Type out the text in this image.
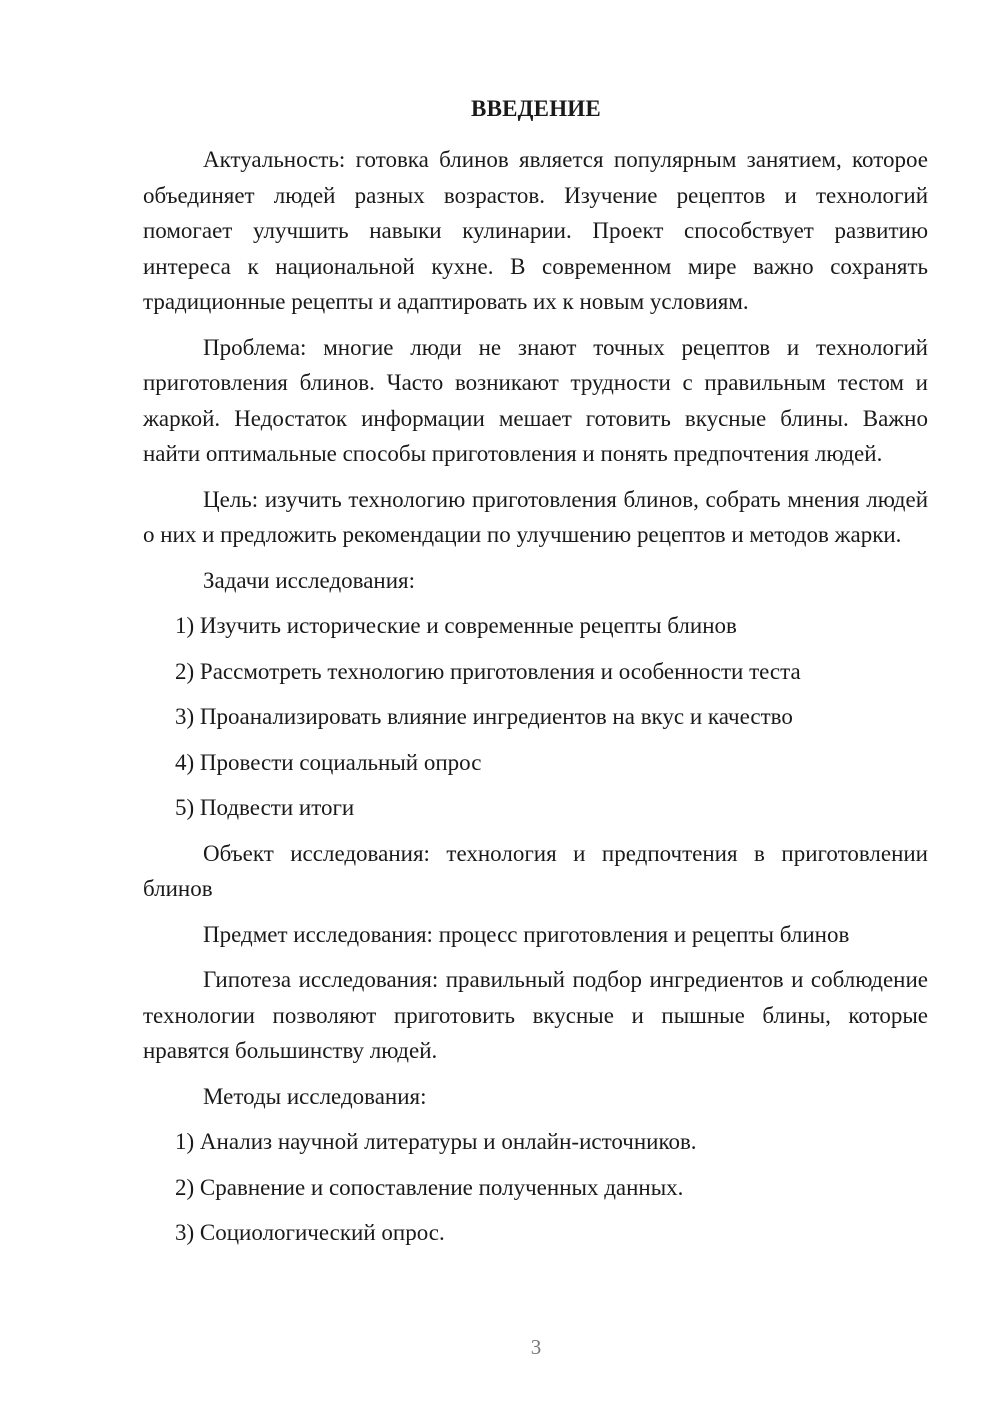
ВВЕДЕНИЕ

Актуальность: готовка блинов является популярным занятием, которое объединяет людей разных возрастов. Изучение рецептов и технологий помогает улучшить навыки кулинарии. Проект способствует развитию интереса к национальной кухне. В современном мире важно сохранять традиционные рецепты и адаптировать их к новым условиям.

Проблема: многие люди не знают точных рецептов и технологий приготовления блинов. Часто возникают трудности с правильным тестом и жаркой. Недостаток информации мешает готовить вкусные блины. Важно найти оптимальные способы приготовления и понять предпочтения людей.

Цель: изучить технологию приготовления блинов, собрать мнения людей о них и предложить рекомендации по улучшению рецептов и методов жарки.

Задачи исследования:

1) Изучить исторические и современные рецепты блинов

2) Рассмотреть технологию приготовления и особенности теста

3) Проанализировать влияние ингредиентов на вкус и качество

4) Провести социальный опрос

5) Подвести итоги

Объект исследования: технология и предпочтения в приготовлении блинов

Предмет исследования: процесс приготовления и рецепты блинов

Гипотеза исследования: правильный подбор ингредиентов и соблюдение технологии позволяют приготовить вкусные и пышные блины, которые нравятся большинству людей.

Методы исследования:

1) Анализ научной литературы и онлайн-источников.

2) Сравнение и сопоставление полученных данных.

3) Социологический опрос.

3
